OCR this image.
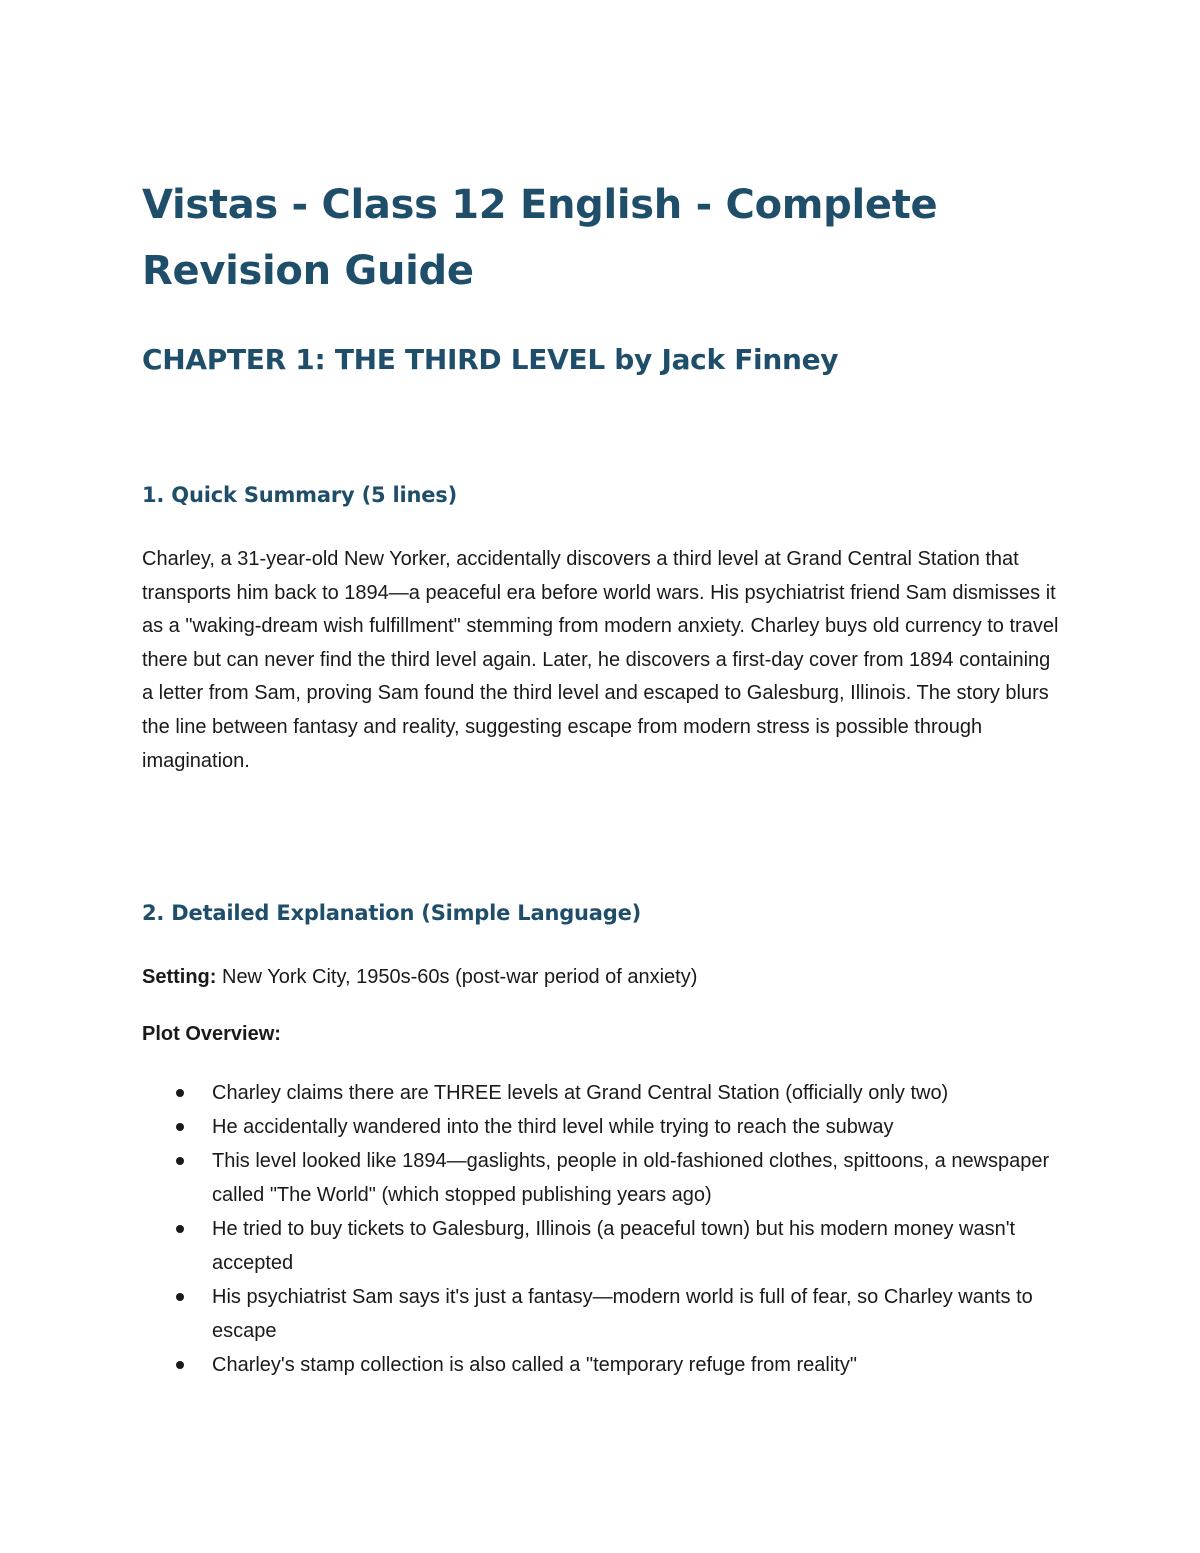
Vistas - Class 12 English - Complete Revision Guide
CHAPTER 1: THE THIRD LEVEL by Jack Finney
1. Quick Summary (5 lines)

Charley, a 31-year-old New Yorker, accidentally discovers a third level at Grand Central Station that transports him back to 1894—a peaceful era before world wars. His psychiatrist friend Sam dismisses it as a "waking-dream wish fulfillment" stemming from modern anxiety. Charley buys old currency to travel there but can never find the third level again. Later, he discovers a first-day cover from 1894 containing a letter from Sam, proving Sam found the third level and escaped to Galesburg, Illinois. The story blurs the line between fantasy and reality, suggesting escape from modern stress is possible through imagination.

2. Detailed Explanation (Simple Language)

Setting: New York City, 1950s-60s (post-war period of anxiety)

Plot Overview:

Charley claims there are THREE levels at Grand Central Station (officially only two)
He accidentally wandered into the third level while trying to reach the subway
This level looked like 1894—gaslights, people in old-fashioned clothes, spittoons, a newspaper called "The World" (which stopped publishing years ago)
He tried to buy tickets to Galesburg, Illinois (a peaceful town) but his modern money wasn't accepted
His psychiatrist Sam says it's just a fantasy—modern world is full of fear, so Charley wants to escape
Charley's stamp collection is also called a "temporary refuge from reality"
